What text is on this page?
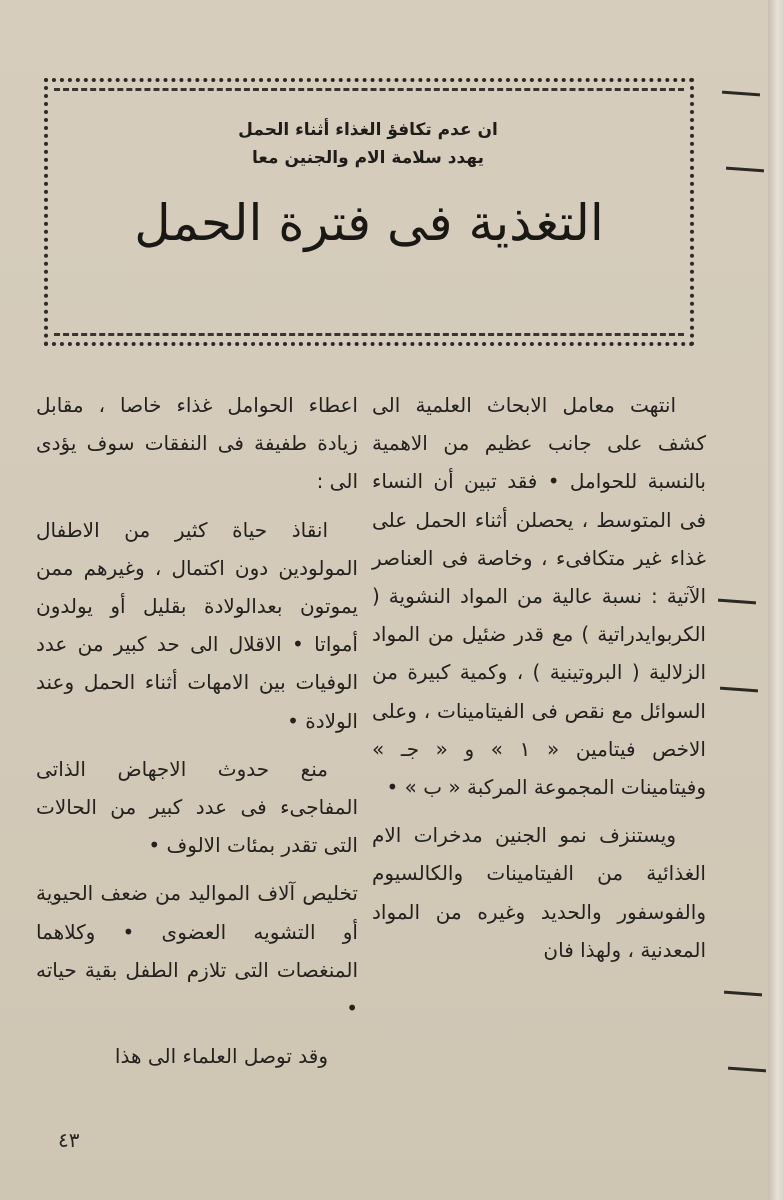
ان عدم تكافؤ الغذاء أثناء الحمل
يهدد سلامة الام والجنين معا
التغذية فى فترة الحمل

انتهت معامل الابحاث العلمية الى كشف على جانب عظيم من الاهمية بالنسبة للحوامل • فقد تبين أن النساء فى المتوسط ، يحصلن أثناء الحمل على غذاء غير متكافىء ، وخاصة فى العناصر الآتية : نسبة عالية من المواد النشوية ( الكربوايدراتية ) مع قدر ضئيل من المواد الزلالية ( البروتينية ) ، وكمية كبيرة من السوائل مع نقص فى الفيتامينات ، وعلى الاخص فيتامين « ١ » و « جـ » وفيتامينات المجموعة المركبة « ب » •

ويستنزف نمو الجنين مدخرات الام الغذائية من الفيتامينات والكالسيوم والفوسفور والحديد وغيره من المواد المعدنية ، ولهذا فان

اعطاء الحوامل غذاء خاصا ، مقابل زيادة طفيفة فى النفقات سوف يؤدى الى :

انقاذ حياة كثير من الاطفال المولودين دون اكتمال ، وغيرهم ممن يموتون بعدالولادة بقليل أو يولدون أمواتا • الاقلال الى حد كبير من عدد الوفيات بين الامهات أثناء الحمل وعند الولادة •

منع حدوث الاجهاض الذاتى المفاجىء فى عدد كبير من الحالات التى تقدر بمئات الالوف •

تخليص آلاف المواليد من ضعف الحيوية أو التشويه العضوى • وكلاهما المنغصات التى تلازم الطفل بقية حياته •

وقد توصل العلماء الى هذا

٤٣
